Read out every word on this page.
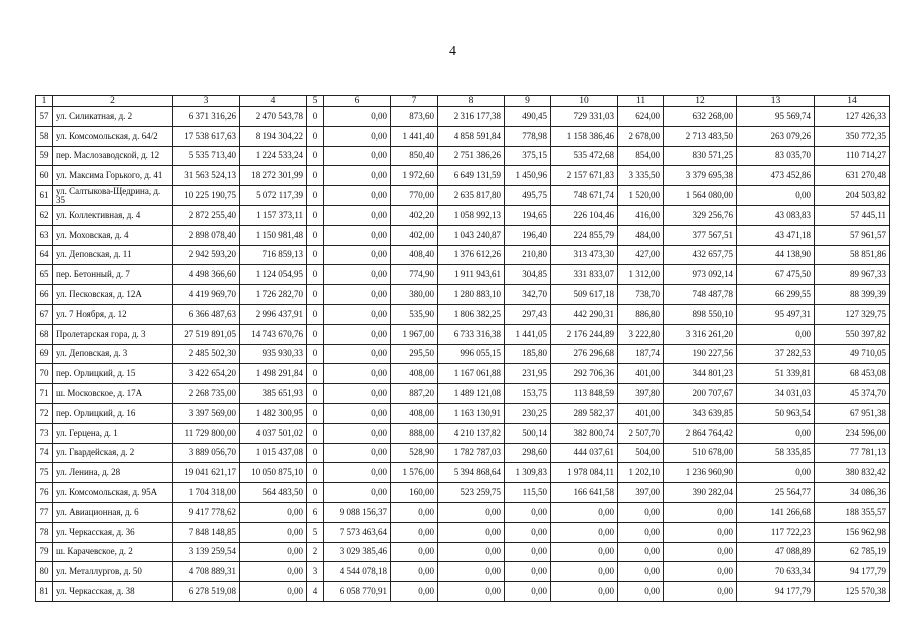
4
1	2	3	4	5	6	7	8	9	10	11	12	13	14
57	ул. Силикатная, д. 2	6 371 316,26	2 470 543,78	0	0,00	873,60	2 316 177,38	490,45	729 331,03	624,00	632 268,00	95 569,74	127 426,33
58	ул. Комсомольская, д. 64/2	17 538 617,63	8 194 304,22	0	0,00	1 441,40	4 858 591,84	778,98	1 158 386,46	2 678,00	2 713 483,50	263 079,26	350 772,35
59	пер. Маслозаводской, д. 12	5 535 713,40	1 224 533,24	0	0,00	850,40	2 751 386,26	375,15	535 472,68	854,00	830 571,25	83 035,70	110 714,27
60	ул. Максима Горького, д. 41	31 563 524,13	18 272 301,99	0	0,00	1 972,60	6 649 131,59	1 450,96	2 157 671,83	3 335,50	3 379 695,38	473 452,86	631 270,48
61	ул. Салтыкова-Щедрина, д. 35	10 225 190,75	5 072 117,39	0	0,00	770,00	2 635 817,80	495,75	748 671,74	1 520,00	1 564 080,00	0,00	204 503,82
62	ул. Коллективная, д. 4	2 872 255,40	1 157 373,11	0	0,00	402,20	1 058 992,13	194,65	226 104,46	416,00	329 256,76	43 083,83	57 445,11
63	ул. Моховская, д. 4	2 898 078,40	1 150 981,48	0	0,00	402,00	1 043 240,87	196,40	224 855,79	484,00	377 567,51	43 471,18	57 961,57
64	ул. Деповская, д. 11	2 942 593,20	716 859,13	0	0,00	408,40	1 376 612,26	210,80	313 473,30	427,00	432 657,75	44 138,90	58 851,86
65	пер. Бетонный, д. 7	4 498 366,60	1 124 054,95	0	0,00	774,90	1 911 943,61	304,85	331 833,07	1 312,00	973 092,14	67 475,50	89 967,33
66	ул. Песковская, д. 12А	4 419 969,70	1 726 282,70	0	0,00	380,00	1 280 883,10	342,70	509 617,18	738,70	748 487,78	66 299,55	88 399,39
67	ул. 7 Ноября, д. 12	6 366 487,63	2 996 437,91	0	0,00	535,90	1 806 382,25	297,43	442 290,31	886,80	898 550,10	95 497,31	127 329,75
68	Пролетарская гора, д. 3	27 519 891,05	14 743 670,76	0	0,00	1 967,00	6 733 316,38	1 441,05	2 176 244,89	3 222,80	3 316 261,20	0,00	550 397,82
69	ул. Деповская, д. 3	2 485 502,30	935 930,33	0	0,00	295,50	996 055,15	185,80	276 296,68	187,74	190 227,56	37 282,53	49 710,05
70	пер. Орлицкий, д. 15	3 422 654,20	1 498 291,84	0	0,00	408,00	1 167 061,88	231,95	292 706,36	401,00	344 801,23	51 339,81	68 453,08
71	ш. Московское, д. 17А	2 268 735,00	385 651,93	0	0,00	887,20	1 489 121,08	153,75	113 848,59	397,80	200 707,67	34 031,03	45 374,70
72	пер. Орлицкий, д. 16	3 397 569,00	1 482 300,95	0	0,00	408,00	1 163 130,91	230,25	289 582,37	401,00	343 639,85	50 963,54	67 951,38
73	ул. Герцена, д. 1	11 729 800,00	4 037 501,02	0	0,00	888,00	4 210 137,82	500,14	382 800,74	2 507,70	2 864 764,42	0,00	234 596,00
74	ул. Гвардейская, д. 2	3 889 056,70	1 015 437,08	0	0,00	528,90	1 782 787,03	298,60	444 037,61	504,00	510 678,00	58 335,85	77 781,13
75	ул. Ленина, д. 28	19 041 621,17	10 050 875,10	0	0,00	1 576,00	5 394 868,64	1 309,83	1 978 084,11	1 202,10	1 236 960,90	0,00	380 832,42
76	ул. Комсомольская, д. 95А	1 704 318,00	564 483,50	0	0,00	160,00	523 259,75	115,50	166 641,58	397,00	390 282,04	25 564,77	34 086,36
77	ул. Авиационная, д. 6	9 417 778,62	0,00	6	9 088 156,37	0,00	0,00	0,00	0,00	0,00	0,00	141 266,68	188 355,57
78	ул. Черкасская, д. 36	7 848 148,85	0,00	5	7 573 463,64	0,00	0,00	0,00	0,00	0,00	0,00	117 722,23	156 962,98
79	ш. Карачевское, д. 2	3 139 259,54	0,00	2	3 029 385,46	0,00	0,00	0,00	0,00	0,00	0,00	47 088,89	62 785,19
80	ул. Металлургов, д. 50	4 708 889,31	0,00	3	4 544 078,18	0,00	0,00	0,00	0,00	0,00	0,00	70 633,34	94 177,79
81	ул. Черкасская, д. 38	6 278 519,08	0,00	4	6 058 770,91	0,00	0,00	0,00	0,00	0,00	0,00	94 177,79	125 570,38
